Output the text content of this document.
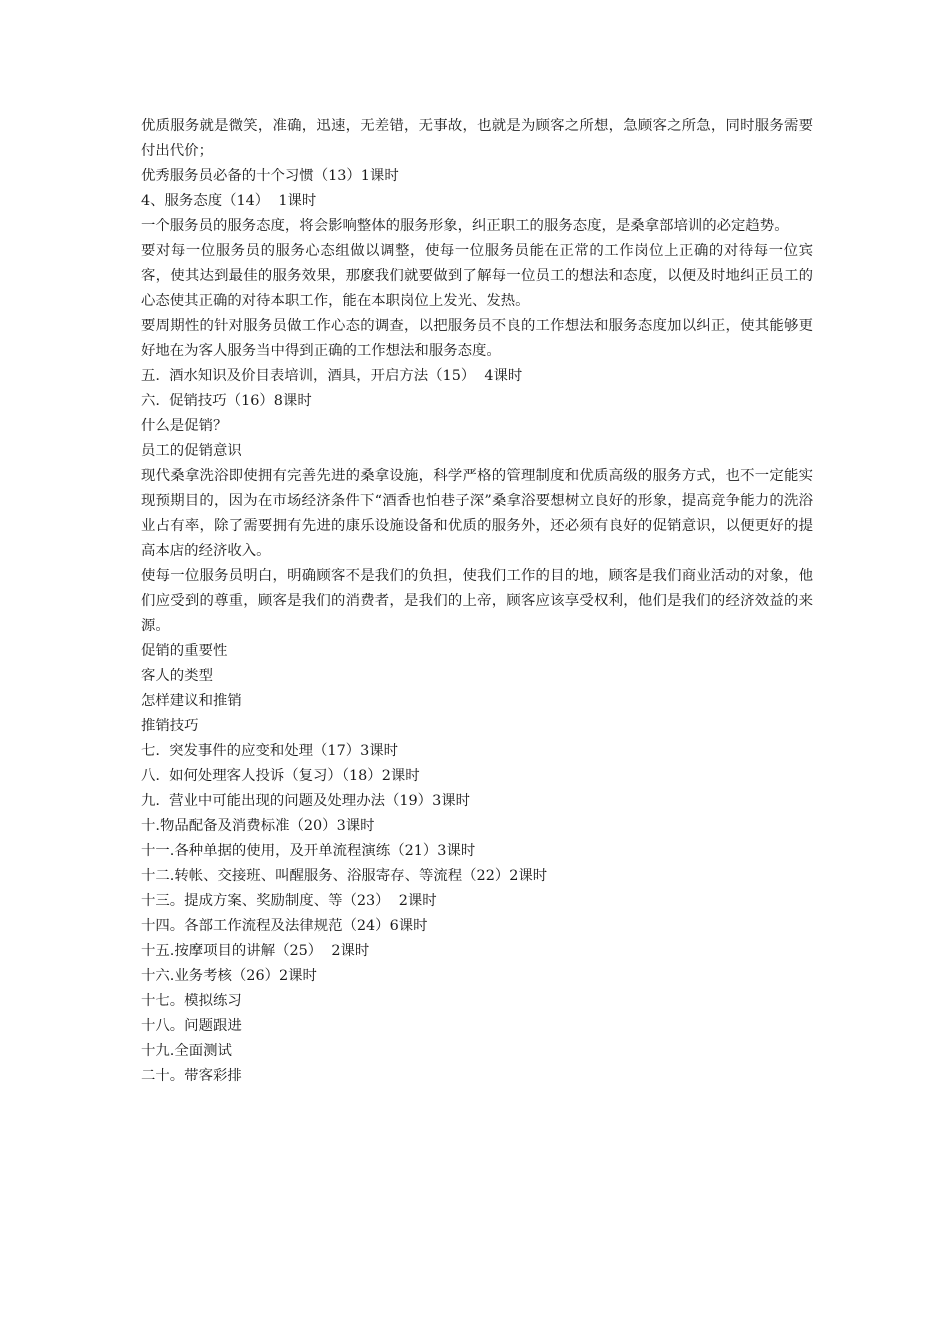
优质服务就是微笑，准确，迅速，无差错，无事故，也就是为顾客之所想，急顾客之所急，同时服务需要付出代价；

优秀服务员必备的十个习惯（13）1课时

4、服务态度（14）  1课时

一个服务员的服务态度，将会影响整体的服务形象，纠正职工的服务态度，是桑拿部培训的必定趋势。

要对每一位服务员的服务心态组做以调整，使每一位服务员能在正常的工作岗位上正确的对待每一位宾客，使其达到最佳的服务效果，那麽我们就要做到了解每一位员工的想法和态度，以便及时地纠正员工的心态使其正确的对待本职工作，能在本职岗位上发光、发热。

要周期性的针对服务员做工作心态的调查，以把服务员不良的工作想法和服务态度加以纠正，使其能够更好地在为客人服务当中得到正确的工作想法和服务态度。

五.  酒水知识及价目表培训，酒具，开启方法（15）  4课时

六.  促销技巧（16）8课时

什么是促销？

员工的促销意识

现代桑拿洗浴即使拥有完善先进的桑拿设施，科学严格的管理制度和优质高级的服务方式，也不一定能实现预期目的，因为在市场经济条件下“酒香也怕巷子深”桑拿浴要想树立良好的形象，提高竞争能力的洗浴业占有率，除了需要拥有先进的康乐设施设备和优质的服务外，还必须有良好的促销意识，以便更好的提高本店的经济收入。

使每一位服务员明白，明确顾客不是我们的负担，使我们工作的目的地，顾客是我们商业活动的对象，他们应受到的尊重，顾客是我们的消费者，是我们的上帝，顾客应该享受权利，他们是我们的经济效益的来源。

促销的重要性

客人的类型

怎样建议和推销

推销技巧

七.  突发事件的应变和处理（17）3课时

八.  如何处理客人投诉（复习）（18）2课时

九.  营业中可能出现的问题及处理办法（19）3课时

十.物品配备及消费标准（20）3课时

十一.各种单据的使用，及开单流程演练（21）3课时

十二.转帐、交接班、叫醒服务、浴服寄存、等流程（22）2课时

十三。提成方案、奖励制度、等（23）  2课时

十四。各部工作流程及法律规范（24）6课时

十五.按摩项目的讲解（25）  2课时

十六.业务考核（26）2课时

十七。模拟练习

十八。问题跟进

十九.全面测试

二十。带客彩排
